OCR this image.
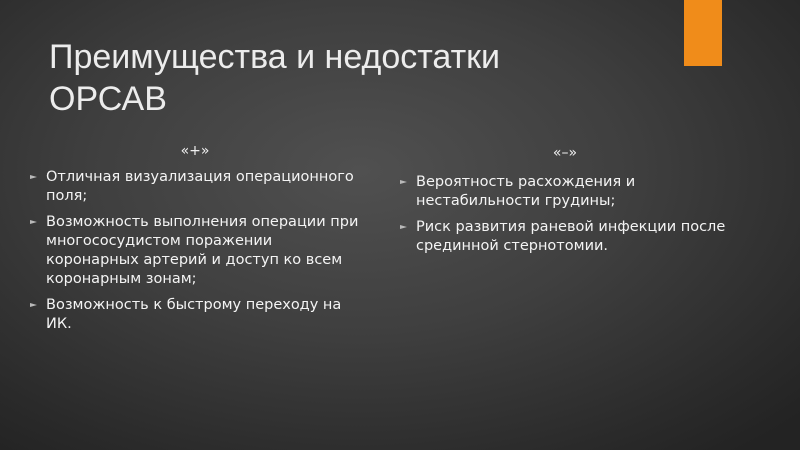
Преимущества и недостатки
ОРСАВ
«+»
Отличная визуализация операционного поля;
Возможность выполнения операции при многососудистом поражении коронарных артерий и доступ ко всем коронарным зонам;
Возможность к быстрому переходу на ИК.
«–»
Вероятность расхождения и нестабильности грудины;
Риск развития раневой инфекции после срединной стернотомии.
